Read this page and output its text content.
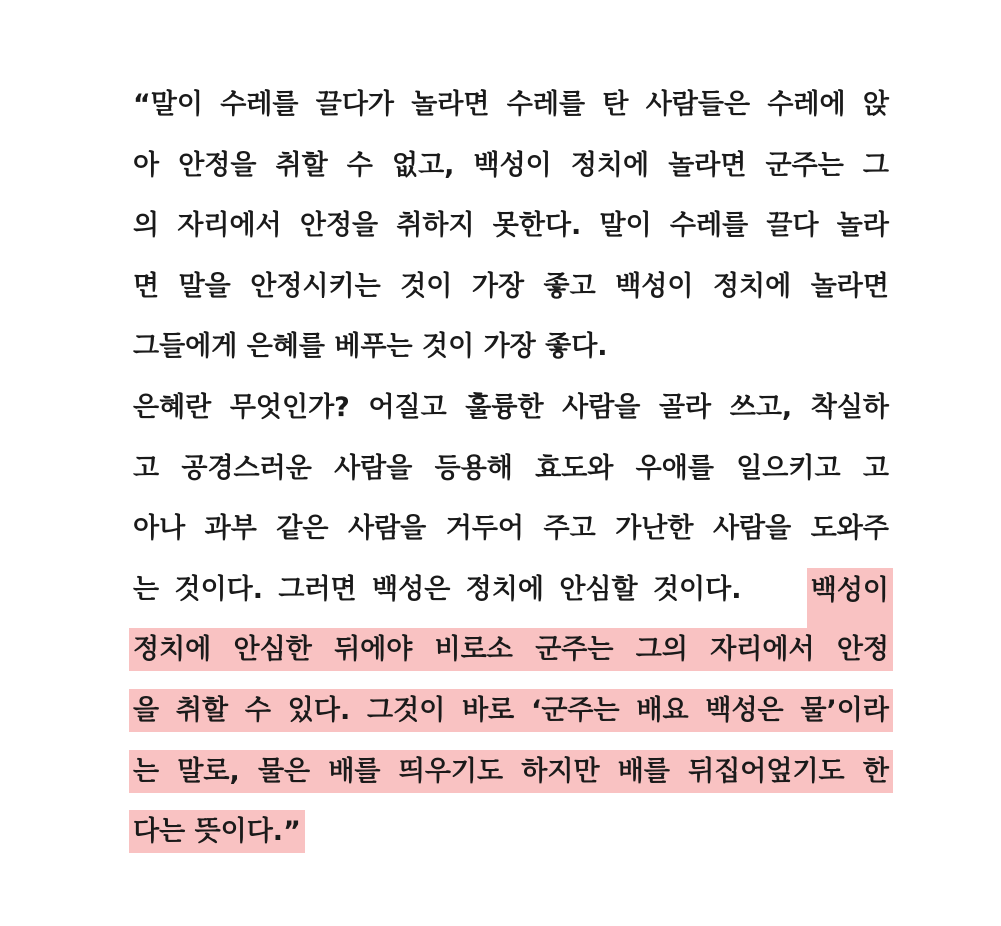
“말이 수레를 끌다가 놀라면 수레를 탄 사람들은 수레에 앉
아 안정을 취할 수 없고, 백성이 정치에 놀라면 군주는 그
의 자리에서 안정을 취하지 못한다. 말이 수레를 끌다 놀라
면 말을 안정시키는 것이 가장 좋고 백성이 정치에 놀라면
그들에게 은혜를 베푸는 것이 가장 좋다.
은혜란 무엇인가? 어질고 훌륭한 사람을 골라 쓰고, 착실하
고 공경스러운 사람을 등용해 효도와 우애를 일으키고 고
아나 과부 같은 사람을 거두어 주고 가난한 사람을 도와주
는 것이다. 그러면 백성은 정치에 안심할 것이다.	백성이
정치에 안심한 뒤에야 비로소 군주는 그의 자리에서 안정
을 취할 수 있다. 그것이 바로 ‘군주는 배요 백성은 물’이라
는 말로, 물은 배를 띄우기도 하지만 배를 뒤집어엎기도 한
다는 뜻이다.”
